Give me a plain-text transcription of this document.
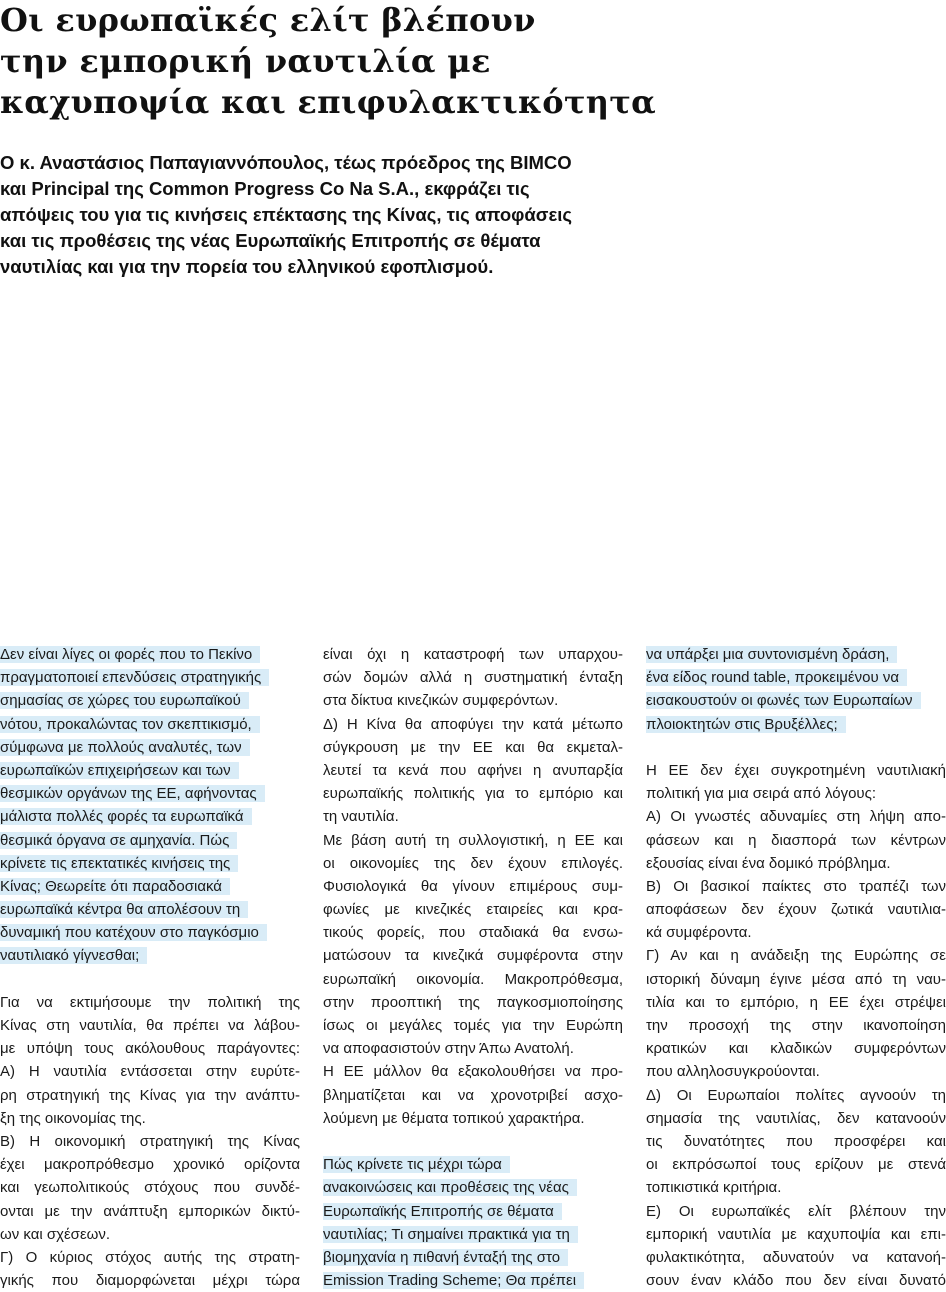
Οι ευρωπαϊκές ελίτ βλέπουν
την εμπορική ναυτιλία με
καχυποψία και επιφυλακτικότητα

Ο κ. Αναστάσιος Παπαγιαννόπουλος, τέως πρόεδρος της BIMCO
και Principal της Common Progress Co Na S.A., εκφράζει τις
απόψεις του για τις κινήσεις επέκτασης της Κίνας, τις αποφάσεις
και τις προθέσεις της νέας Ευρωπαϊκής Επιτροπής σε θέματα
ναυτιλίας και για την πορεία του ελληνικού εφοπλισμού.

Δεν είναι λίγες οι φορές που το Πεκίνο
πραγματοποιεί επενδύσεις στρατηγικής
σημασίας σε χώρες του ευρωπαϊκού
νότου, προκαλώντας τον σκεπτικισμό,
σύμφωνα με πολλούς αναλυτές, των
ευρωπαϊκών επιχειρήσεων και των
θεσμικών οργάνων της ΕΕ, αφήνοντας
μάλιστα πολλές φορές τα ευρωπαϊκά
θεσμικά όργανα σε αμηχανία. Πώς
κρίνετε τις επεκτατικές κινήσεις της
Κίνας; Θεωρείτε ότι παραδοσιακά
ευρωπαϊκά κέντρα θα απολέσουν τη
δυναμική που κατέχουν στο παγκόσμιο
ναυτιλιακό γίγνεσθαι;
Για να εκτιμήσουμε την πολιτική της
Κίνας στη ναυτιλία, θα πρέπει να λάβου-
με υπόψη τους ακόλουθους παράγοντες:
Α) Η ναυτιλία εντάσσεται στην ευρύτε-
ρη στρατηγική της Κίνας για την ανάπτυ-
ξη της οικονομίας της.
Β) Η οικονομική στρατηγική της Κίνας
έχει μακροπρόθεσμο χρονικό ορίζοντα
και γεωπολιτικούς στόχους που συνδέ-
ονται με την ανάπτυξη εμπορικών δικτύ-
ων και σχέσεων.
Γ) Ο κύριος στόχος αυτής της στρατη-
γικής που διαμορφώνεται μέχρι τώρα
είναι όχι η καταστροφή των υπαρχου-
σών δομών αλλά η συστηματική ένταξη
στα δίκτυα κινεζικών συμφερόντων.
Δ) Η Κίνα θα αποφύγει την κατά μέτωπο
σύγκρουση με την ΕΕ και θα εκμεταλ-
λευτεί τα κενά που αφήνει η ανυπαρξία
ευρωπαϊκής πολιτικής για το εμπόριο και
τη ναυτιλία.
Με βάση αυτή τη συλλογιστική, η ΕΕ και
οι οικονομίες της δεν έχουν επιλογές.
Φυσιολογικά θα γίνουν επιμέρους συμ-
φωνίες με κινεζικές εταιρείες και κρα-
τικούς φορείς, που σταδιακά θα ενσω-
ματώσουν τα κινεζικά συμφέροντα στην
ευρωπαϊκή οικονομία. Μακροπρόθεσμα,
στην προοπτική της παγκοσμιοποίησης
ίσως οι μεγάλες τομές για την Ευρώπη
να αποφασιστούν στην Άπω Ανατολή.
Η ΕΕ μάλλον θα εξακολουθήσει να προ-
βληματίζεται και να χρονοτριβεί ασχο-
λούμενη με θέματα τοπικού χαρακτήρα.
Πώς κρίνετε τις μέχρι τώρα
ανακοινώσεις και προθέσεις της νέας
Ευρωπαϊκής Επιτροπής σε θέματα
ναυτιλίας; Τι σημαίνει πρακτικά για τη
βιομηχανία η πιθανή ένταξή της στο
Emission Trading Scheme; Θα πρέπει
να υπάρξει μια συντονισμένη δράση,
ένα είδος round table, προκειμένου να
εισακουστούν οι φωνές των Ευρωπαίων
πλοιοκτητών στις Βρυξέλλες;
Η ΕΕ δεν έχει συγκροτημένη ναυτιλιακή
πολιτική για μια σειρά από λόγους:
Α) Οι γνωστές αδυναμίες στη λήψη απο-
φάσεων και η διασπορά των κέντρων
εξουσίας είναι ένα δομικό πρόβλημα.
Β) Οι βασικοί παίκτες στο τραπέζι των
αποφάσεων δεν έχουν ζωτικά ναυτιλια-
κά συμφέροντα.
Γ) Αν και η ανάδειξη της Ευρώπης σε
ιστορική δύναμη έγινε μέσα από τη ναυ-
τιλία και το εμπόριο, η ΕΕ έχει στρέψει
την προσοχή της στην ικανοποίηση
κρατικών και κλαδικών συμφερόντων
που αλληλοσυγκρούονται.
Δ) Οι Ευρωπαίοι πολίτες αγνοούν τη
σημασία της ναυτιλίας, δεν κατανοούν
τις δυνατότητες που προσφέρει και
οι εκπρόσωποί τους ερίζουν με στενά
τοπικιστικά κριτήρια.
Ε) Οι ευρωπαϊκές ελίτ βλέπουν την
εμπορική ναυτιλία με καχυποψία και επι-
φυλακτικότητα, αδυνατούν να κατανοή-
σουν έναν κλάδο που δεν είναι δυνατό
